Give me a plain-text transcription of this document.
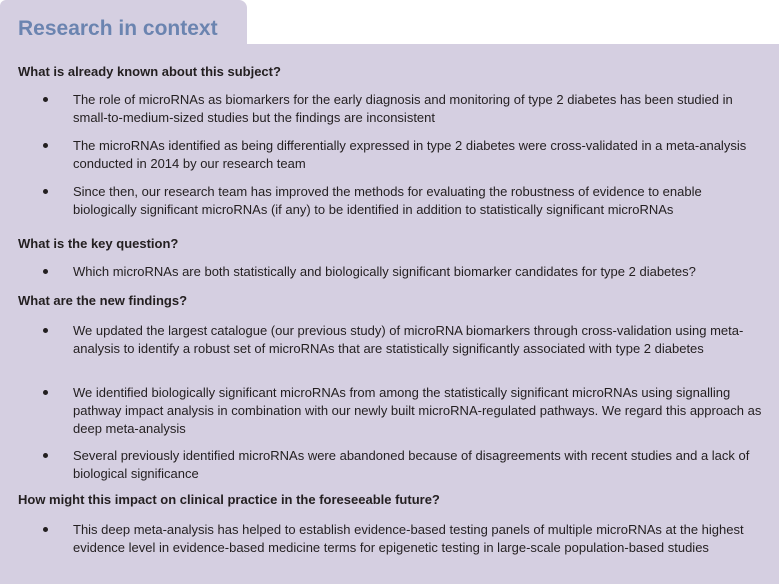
Research in context
What is already known about this subject?
The role of microRNAs as biomarkers for the early diagnosis and monitoring of type 2 diabetes has been studied in small-to-medium-sized studies but the findings are inconsistent
The microRNAs identified as being differentially expressed in type 2 diabetes were cross-validated in a meta-analysis conducted in 2014 by our research team
Since then, our research team has improved the methods for evaluating the robustness of evidence to enable biologically significant microRNAs (if any) to be identified in addition to statistically significant microRNAs
What is the key question?
Which microRNAs are both statistically and biologically significant biomarker candidates for type 2 diabetes?
What are the new findings?
We updated the largest catalogue (our previous study) of microRNA biomarkers through cross-validation using meta-analysis to identify a robust set of microRNAs that are statistically significantly associated with type 2 diabetes
We identified biologically significant microRNAs from among the statistically significant microRNAs using signalling pathway impact analysis in combination with our newly built microRNA-regulated pathways. We regard this approach as deep meta-analysis
Several previously identified microRNAs were abandoned because of disagreements with recent studies and a lack of biological significance
How might this impact on clinical practice in the foreseeable future?
This deep meta-analysis has helped to establish evidence-based testing panels of multiple microRNAs at the highest evidence level in evidence-based medicine terms for epigenetic testing in large-scale population-based studies
